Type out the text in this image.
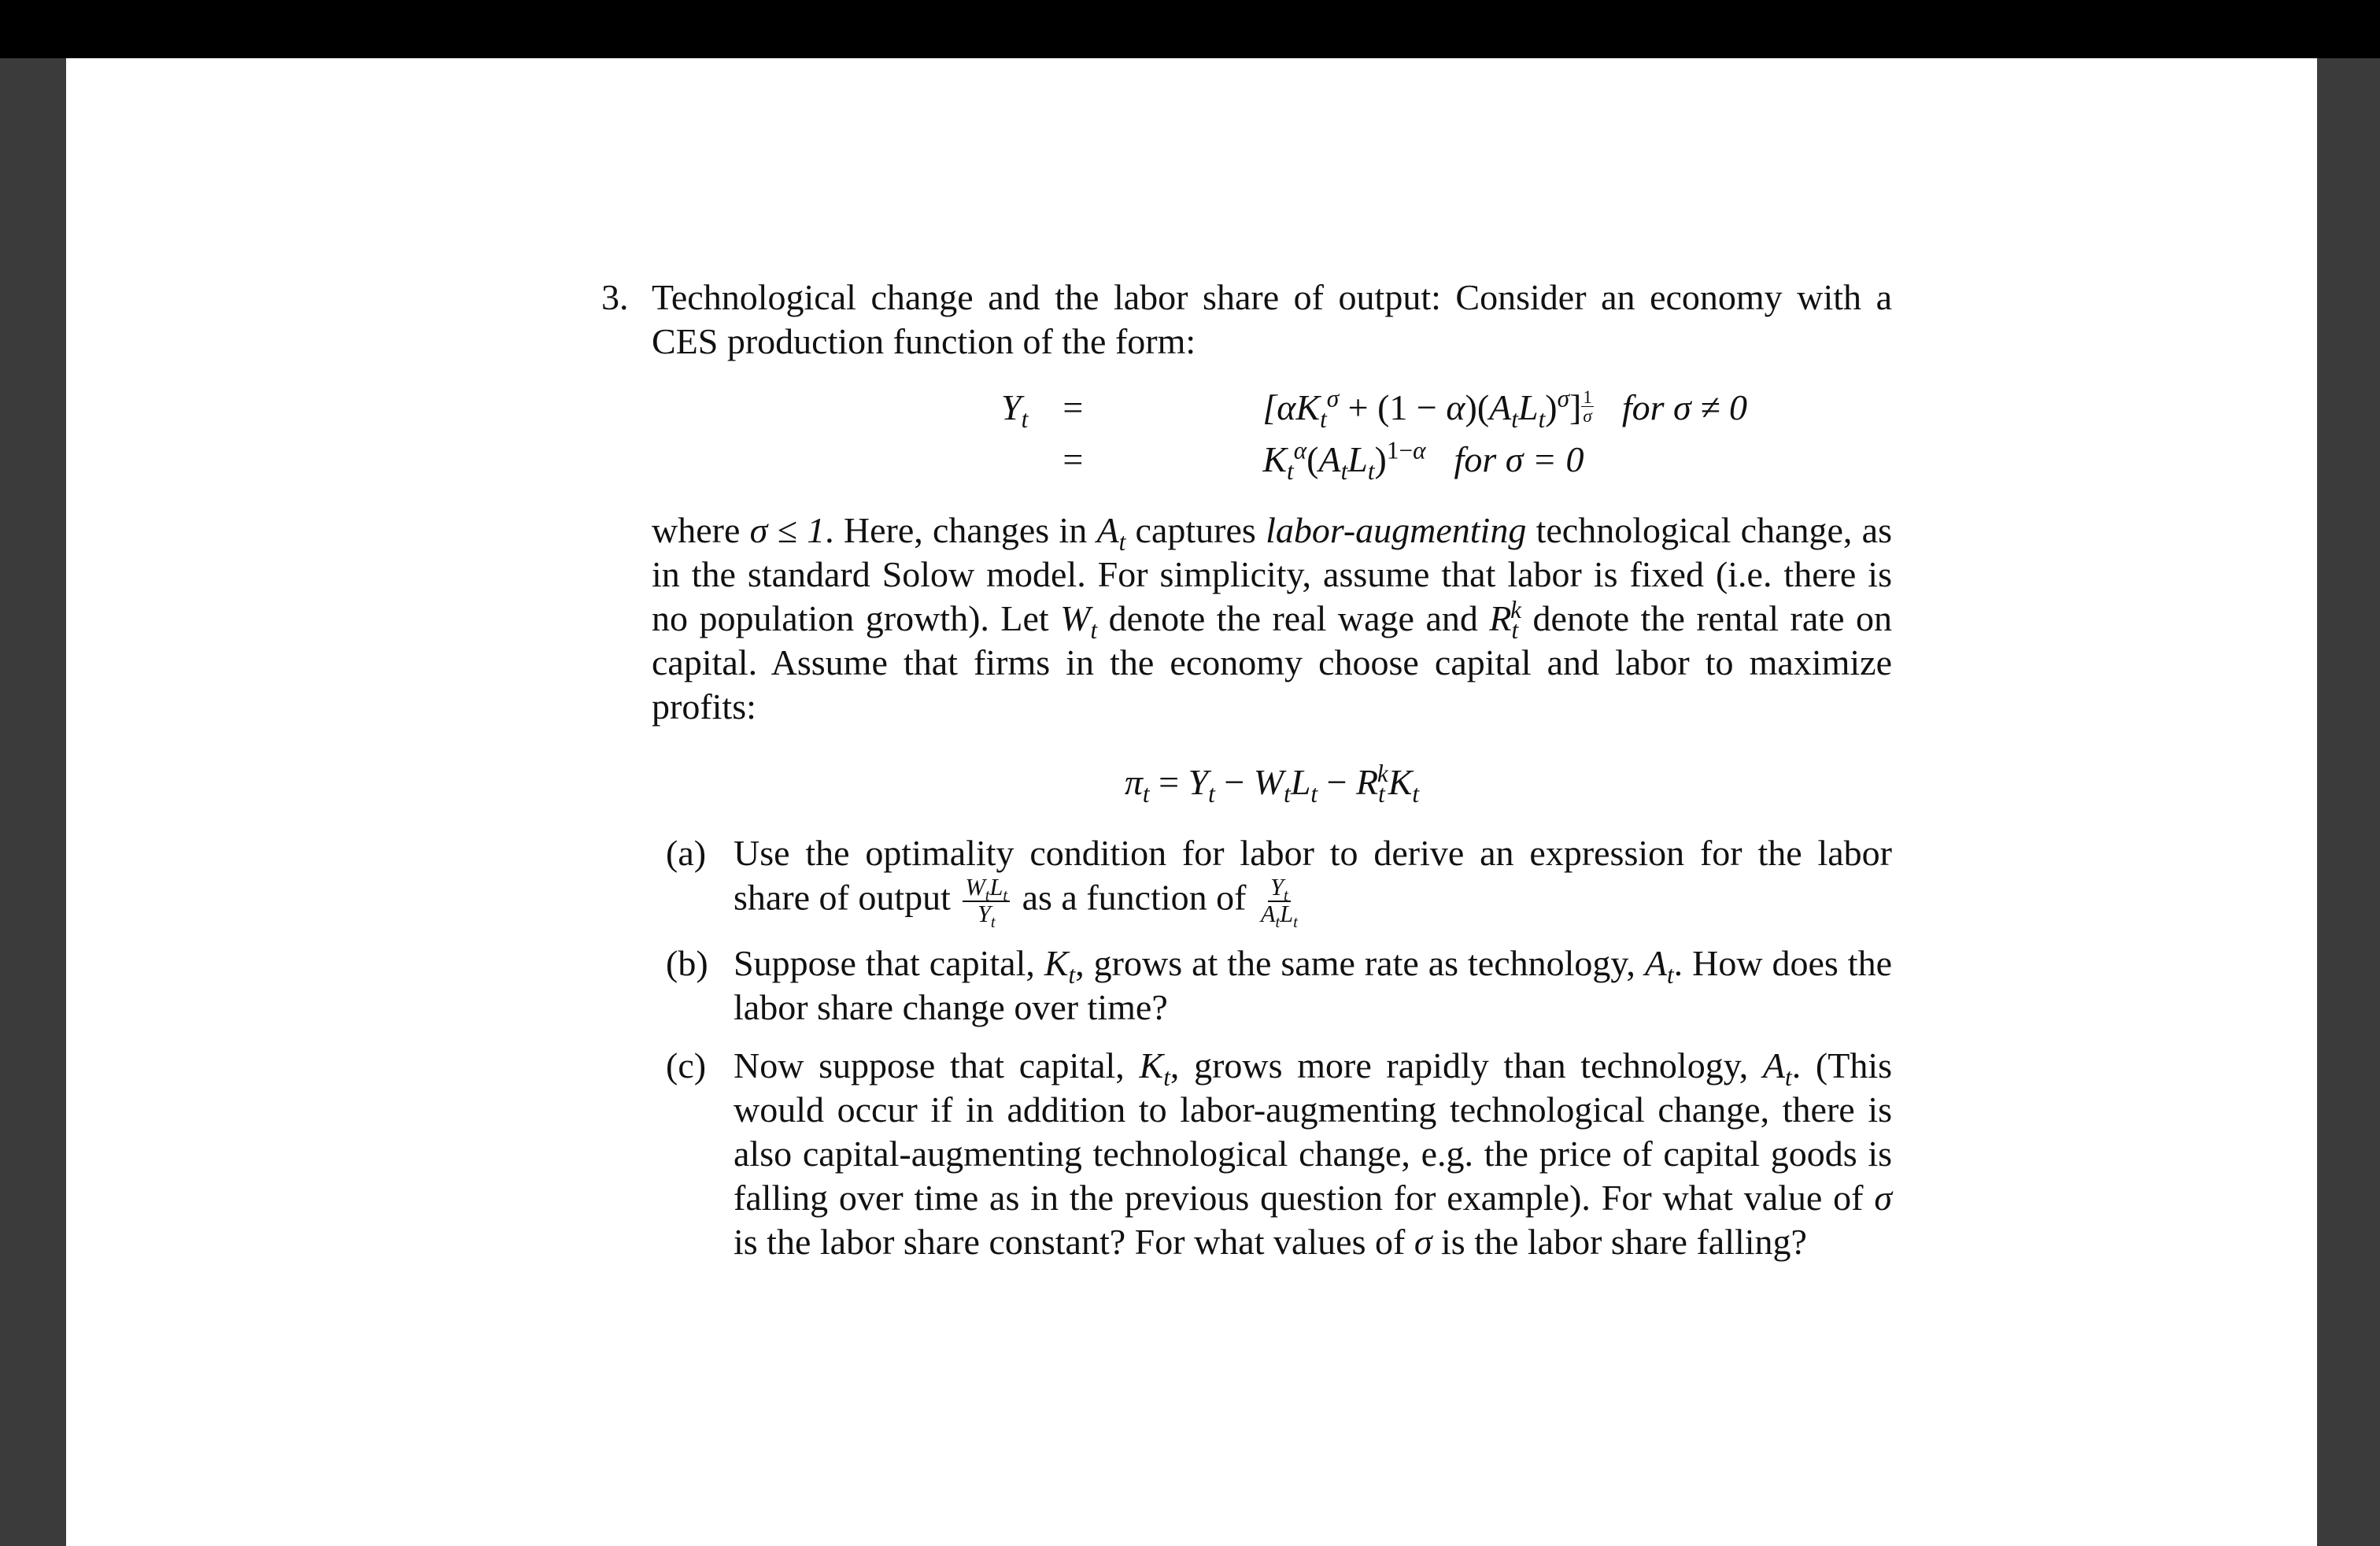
3. Technological change and the labor share of output: Consider an economy with a CES production function of the form:

$Y_t$ =	$[\alpha K_t^\sigma + (1 - \alpha)(A_tL_t)^\sigma] \frac{1}{\sigma}$ for σ ≠ 0
=	$K_t^\alpha(A_tL_t)^{1-\alpha}$ for σ = 0

where σ ≤ 1. Here, changes in $A_t$ captures labor-augmenting technological change, as in the standard Solow model. For simplicity, assume that labor is fixed (i.e. there is no population growth). Let $W_t$ denote the real wage and $R_t^k$ denote the rental rate on capital. Assume that firms in the economy choose capital and labor to maximize profits:

$\pi_t = Y_t - W_tL_t - R_t^kK_t$
(a) Use the optimality condition for labor to derive an expression for the labor share of output $\frac{W_tL_t}{Y_t}$ as a function of $\frac{Y_t}{A_tL_t}$

(b) Suppose that capital, $K_t$, grows at the same rate as technology, $A_t$. How does the labor share change over time?

(c) Now suppose that capital, $K_t$, grows more rapidly than technology, $A_t$. (This would occur if in addition to labor-augmenting technological change, there is also capital-augmenting technological change, e.g. the price of capital goods is falling over time as in the previous question for example). For what value of σ is the labor share constant? For what values of σ is the labor share falling?
